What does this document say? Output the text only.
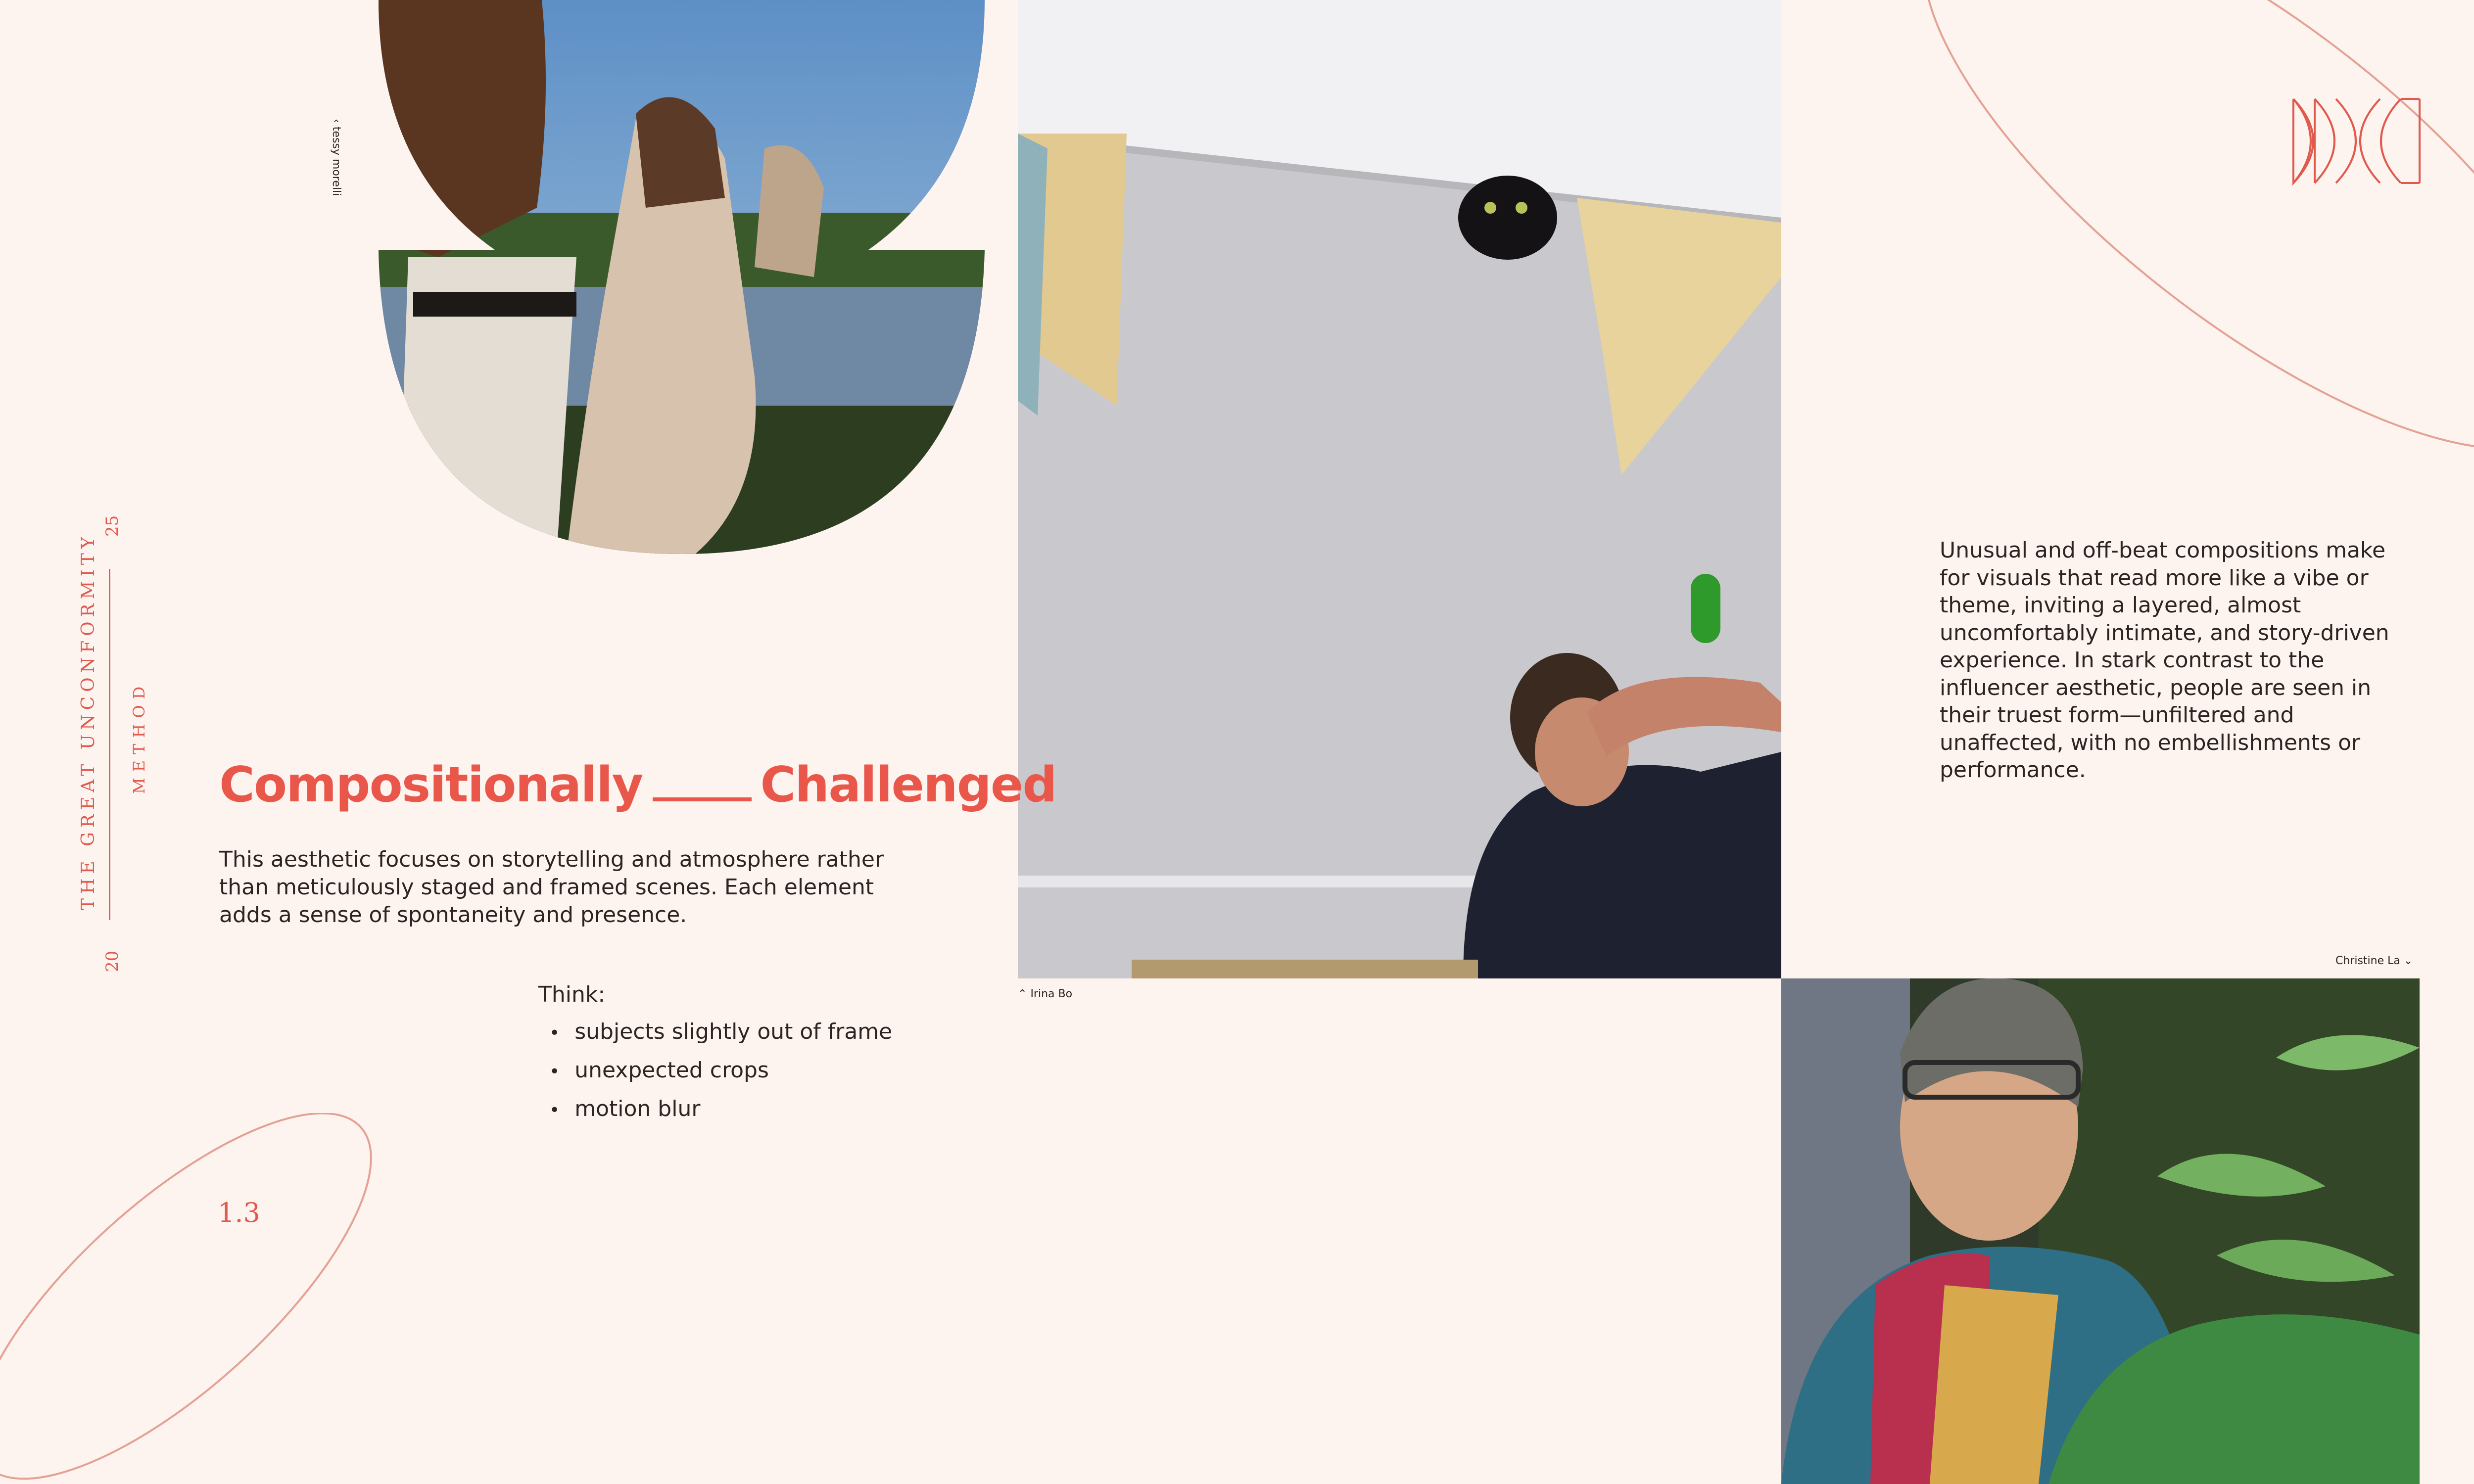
25
THE GREAT UNCONFORMITY METHOD
20
‹ tessy morelli
⌃ Irina Bo
Christine La ⌄
Compositionally Challenged

This aesthetic focuses on storytelling and atmosphere rather than meticulously staged and framed scenes. Each element adds a sense of spontaneity and presence.

Think:
• subjects slightly out of frame
• unexpected crops
• motion blur
1.3

Unusual and off-beat compositions make for visuals that read more like a vibe or theme, inviting a layered, almost uncomfortably intimate, and story-driven experience. In stark contrast to the influencer aesthetic, people are seen in their truest form—unfiltered and unaffected, with no embellishments or performance.
